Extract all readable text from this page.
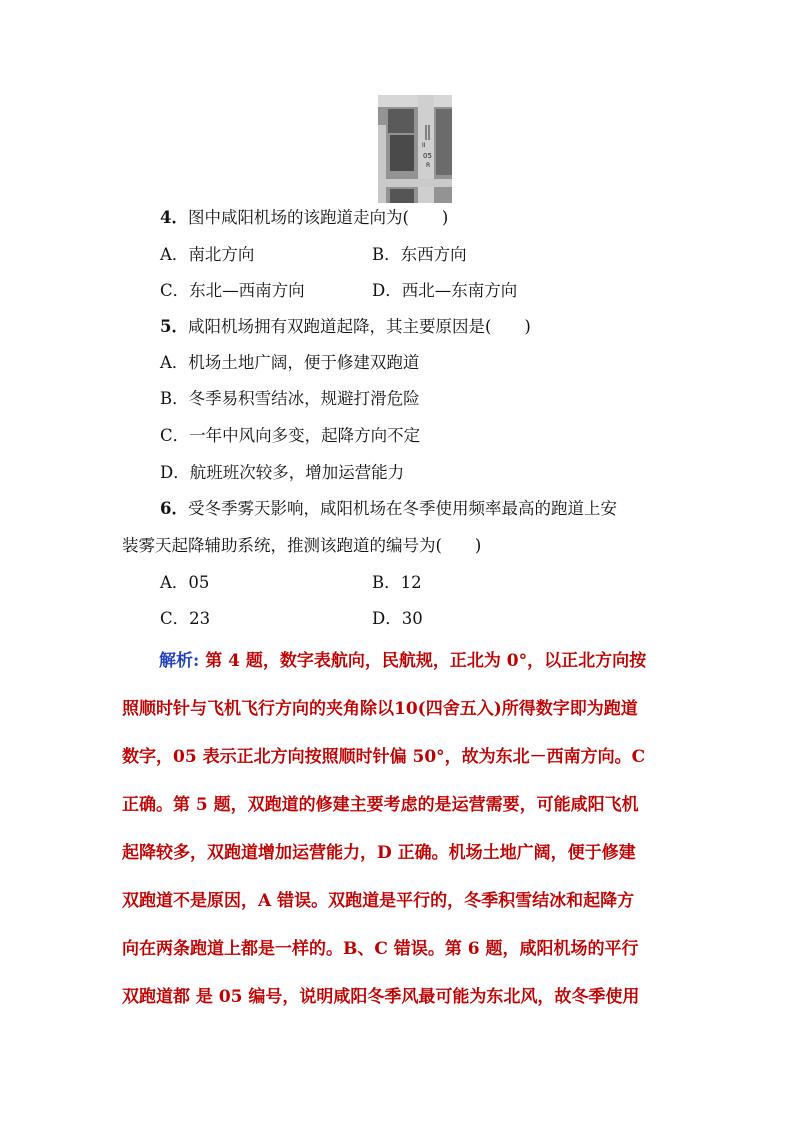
II
05
R
4．图中咸阳机场的该跑道走向为(　　)
A．南北方向	B．东西方向
C．东北—西南方向	D．西北—东南方向
5．咸阳机场拥有双跑道起降，其主要原因是(　　)
A．机场土地广阔，便于修建双跑道
B．冬季易积雪结冰，规避打滑危险
C．一年中风向多变，起降方向不定
D．航班班次较多，增加运营能力
6．受冬季雾天影响，咸阳机场在冬季使用频率最高的跑道上安
装雾天起降辅助系统，推测该跑道的编号为(　　)
A．05	B．12
C．23	D．30
解析: 第 4 题，数字表航向，民航规，正北为 0°，以正北方向按
照顺时针与飞机飞行方向的夹角除以10(四舍五入)所得数字即为跑道
数字，05 表示正北方向按照顺时针偏 50°，故为东北－西南方向。C
正确。第 5 题，双跑道的修建主要考虑的是运营需要，可能咸阳飞机
起降较多，双跑道增加运营能力，D 正确。机场土地广阔，便于修建
双跑道不是原因，A 错误。双跑道是平行的，冬季积雪结冰和起降方
向在两条跑道上都是一样的。B、C 错误。第 6 题，咸阳机场的平行
双跑道都 是 05 编号，说明咸阳冬季风最可能为东北风，故冬季使用
